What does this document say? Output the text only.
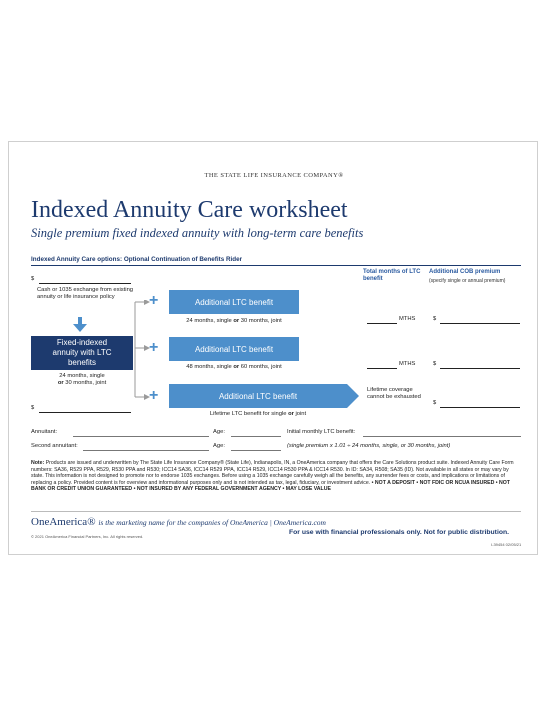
THE STATE LIFE INSURANCE COMPANY®
Indexed Annuity Care worksheet
Single premium fixed indexed annuity with long-term care benefits
Indexed Annuity Care options: Optional Continuation of Benefits Rider
Total months of LTC benefit
Additional COB premium
(specify single or annual premium)
$
Cash or 1035 exchange from existing annuity or life insurance policy
Fixed-indexed annuity with LTC benefits
24 months, single
or 30 months, joint
$
+	Additional LTC benefit
24 months, single or 30 months, joint	MTHS	$
+	Additional LTC benefit
48 months, single or 60 months, joint	MTHS	$
+	Additional LTC benefit
Lifetime LTC benefit for single or joint
Lifetime coverage cannot be exhausted
$
Annuitant:	Age:	Initial monthly LTC benefit:
Second annuitant:	Age:	(single premium x 1.01 ÷ 24 months, single, or 30 months, joint)
Note: Products are issued and underwritten by The State Life Insurance Company® (State Life), Indianapolis, IN, a OneAmerica company that offers the Care Solutions product suite. Indexed Annuity Care Form numbers: SA36, R529 PPA, R529, R530 PPA and R530; ICC14 SA36, ICC14 R529 PPA, ICC14 R529, ICC14 R530 PPA & ICC14 R530. In ID: SA34, R508; SA35 (ID). Not available in all states or may vary by state. This information is not designed to promote nor to endorse 1035 exchanges. Before using a 1035 exchange carefully weigh all the benefits, any surrender fees or costs, and implications or limitations of replacing a policy. Provided content is for overview and informational purposes only and is not intended as tax, legal, fiduciary, or investment advice. • NOT A DEPOSIT • NOT FDIC OR NCUA INSURED • NOT BANK OR CREDIT UNION GUARANTEED • NOT INSURED BY ANY FEDERAL GOVERNMENT AGENCY • MAY LOSE VALUE
OneAmerica® is the marketing name for the companies of OneAmerica | OneAmerica.com
© 2021 OneAmerica Financial Partners, Inc. All rights reserved.
For use with financial professionals only. Not for public distribution.
I-39454 02/05/21
